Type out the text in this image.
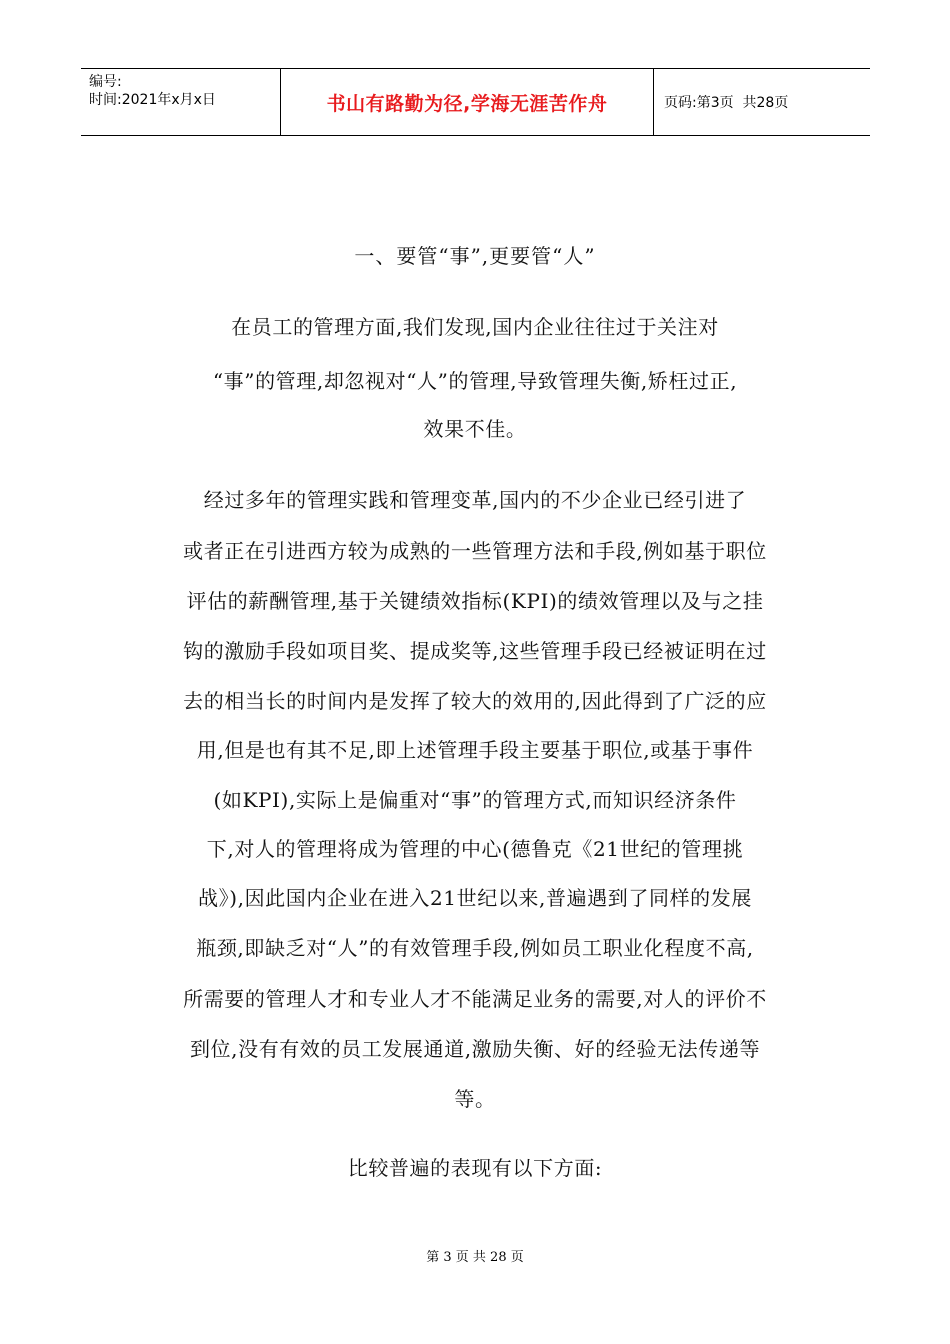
编号:
时间:2021年x月x日	书山有路勤为径,学海无涯苦作舟	页码:第3页  共28页
一、要管“事”,更要管“人”
在员工的管理方面,我们发现,国内企业往往过于关注对
“事”的管理,却忽视对“人”的管理,导致管理失衡,矫枉过正,
效果不佳。
经过多年的管理实践和管理变革,国内的不少企业已经引进了
或者正在引进西方较为成熟的一些管理方法和手段,例如基于职位
评估的薪酬管理,基于关键绩效指标(KPI)的绩效管理以及与之挂
钩的激励手段如项目奖、提成奖等,这些管理手段已经被证明在过
去的相当长的时间内是发挥了较大的效用的,因此得到了广泛的应
用,但是也有其不足,即上述管理手段主要基于职位,或基于事件
(如KPI),实际上是偏重对“事”的管理方式,而知识经济条件
下,对人的管理将成为管理的中心(德鲁克《21世纪的管理挑
战》),因此国内企业在进入21世纪以来,普遍遇到了同样的发展
瓶颈,即缺乏对“人”的有效管理手段,例如员工职业化程度不高,
所需要的管理人才和专业人才不能满足业务的需要,对人的评价不
到位,没有有效的员工发展通道,激励失衡、好的经验无法传递等
等。
比较普遍的表现有以下方面:
第 3 页 共 28 页
